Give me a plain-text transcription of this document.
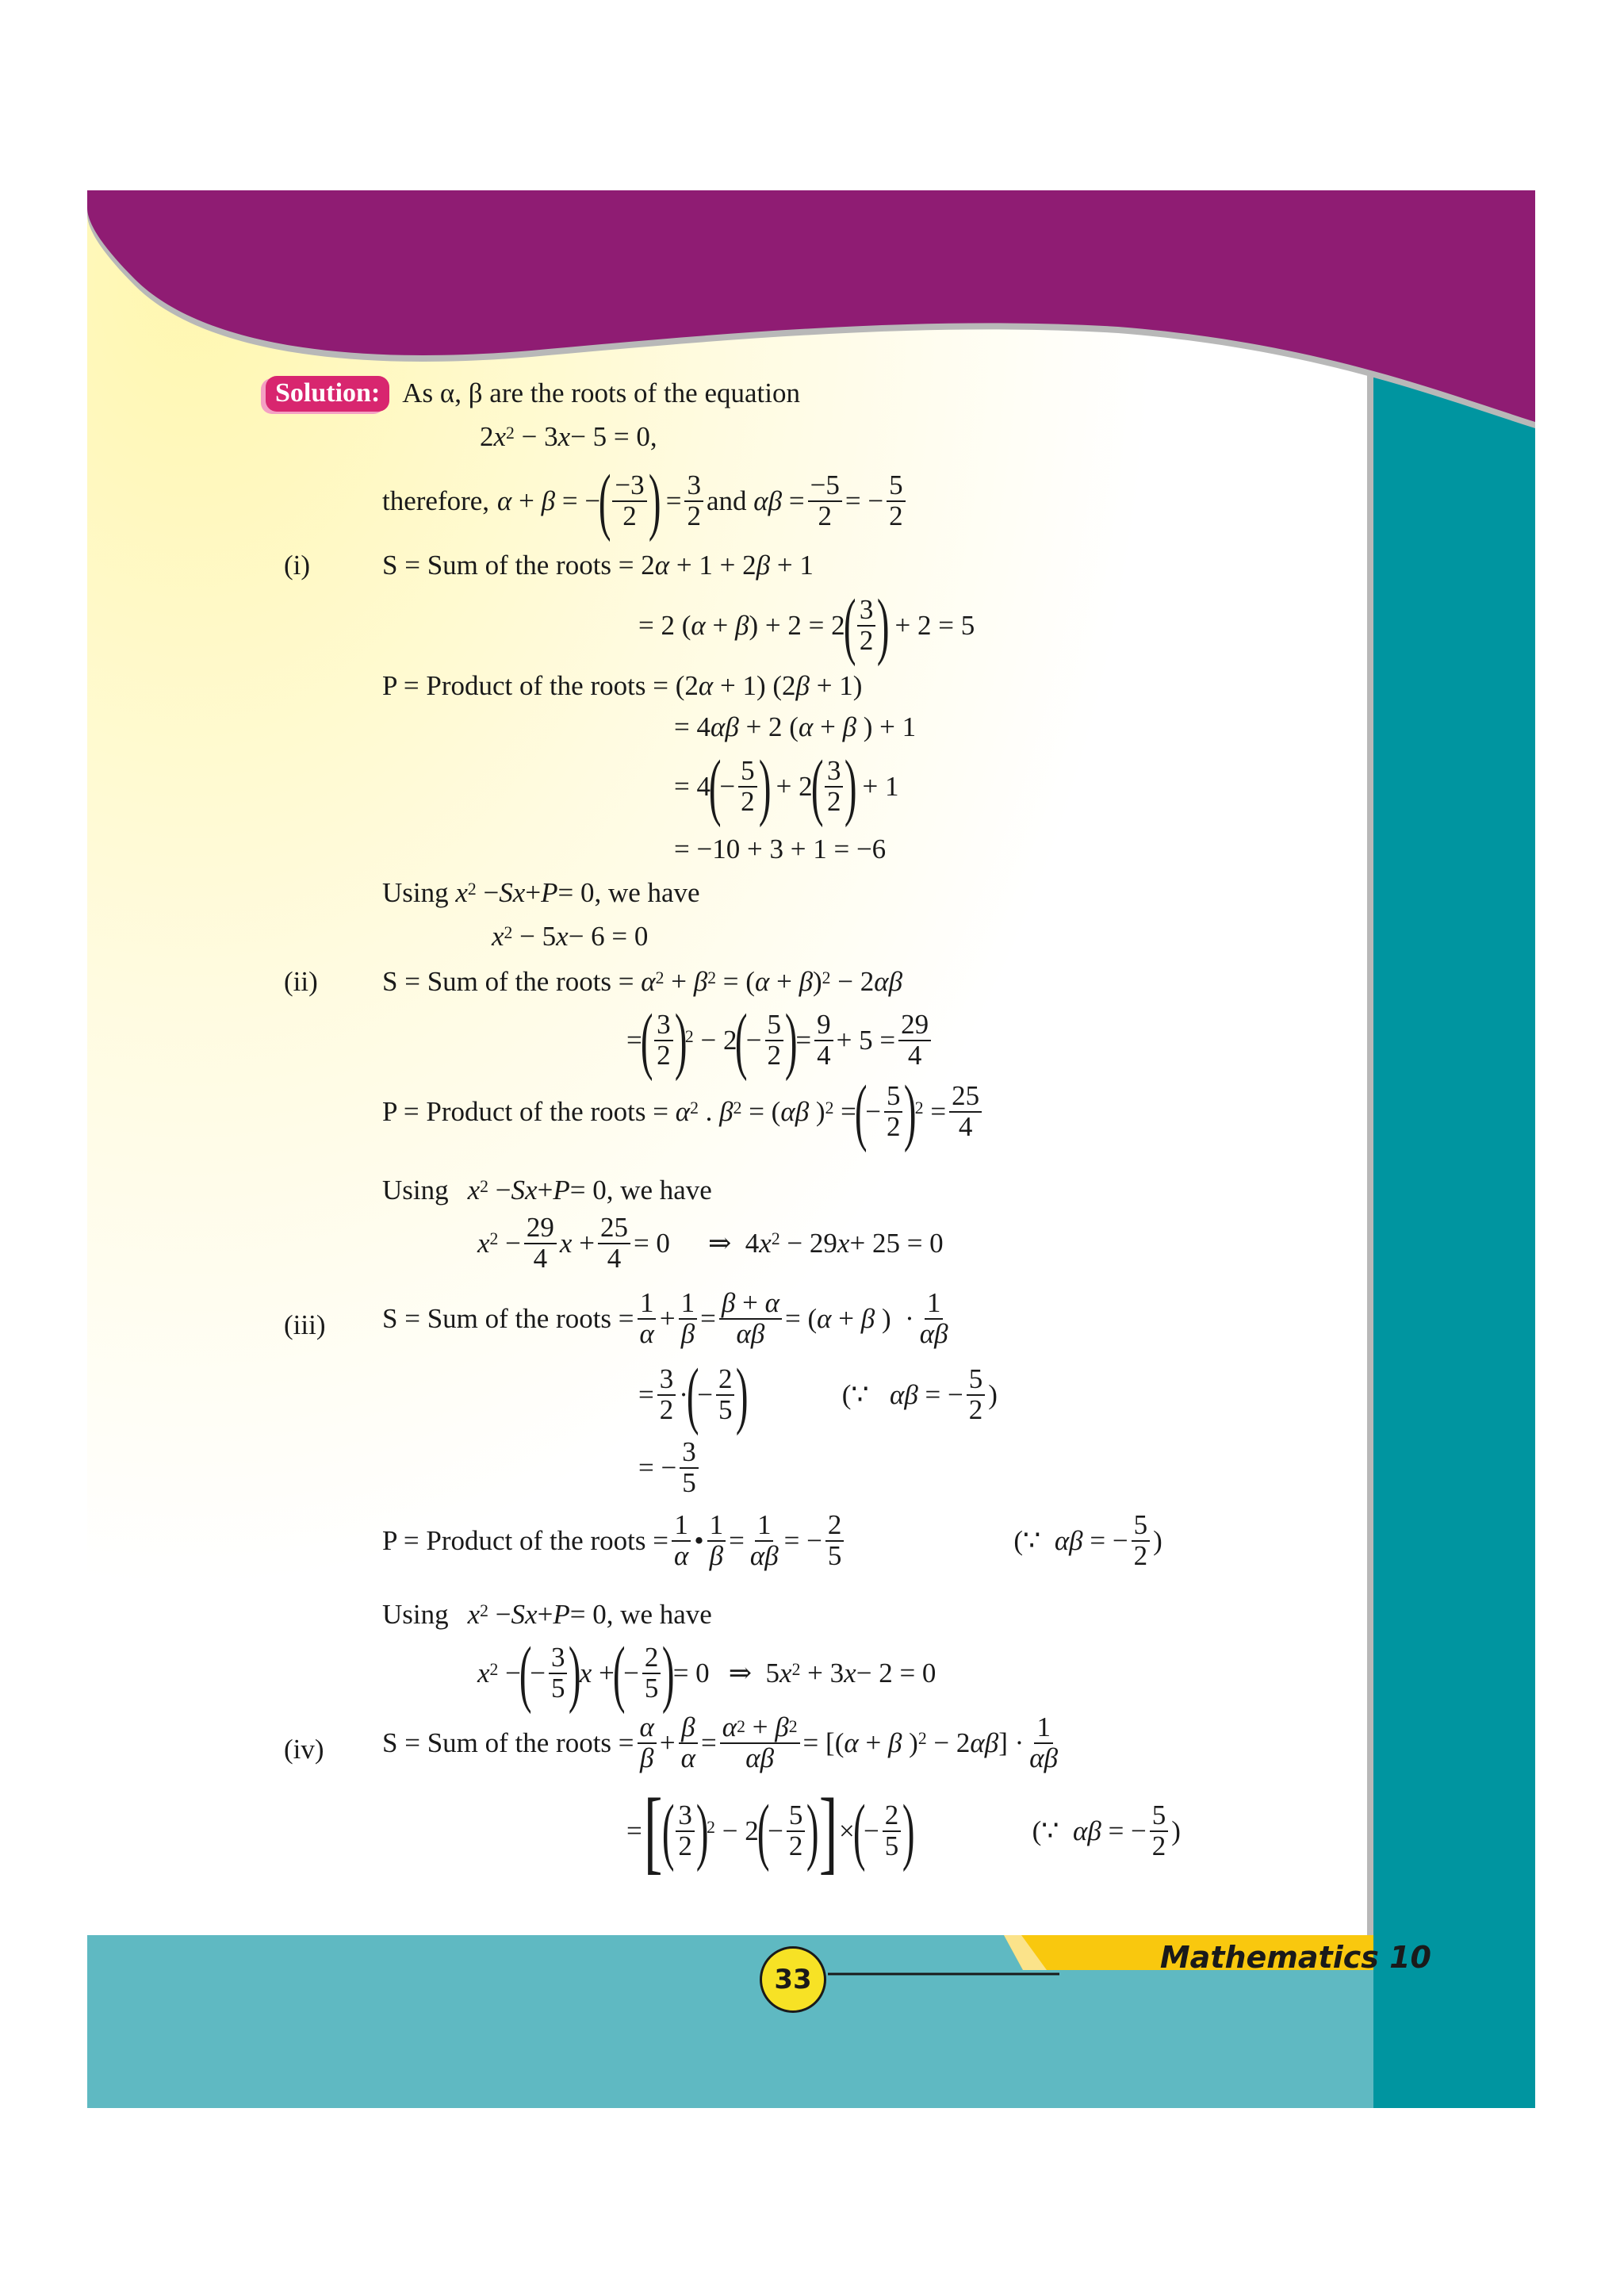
Mathematics 10
33
Solution: As α, β are the roots of the equation
2 $x^2 - 3$ x − 5 = 0,
therefore, α + β = −
( $\frac{-3}{2}$ )
= $\frac{3}{2}$ and
$\alpha\beta = \frac{-5}{2}$ = − $\frac{5}{2}$
(i)	S = Sum of the roots = 2 α + 1 + 2 β + 1
= 2 ( α + β ) + 2 = 2
( $\frac{3}{2}$ )
+ 2 = 5
P = Product of the roots = (2 α + 1) (2 β + 1)
= 4 αβ + 2 ( α + β ) + 1
= 4
(
− $\frac{5}{2}$ )
+ 2
( $\frac{3}{2}$ )
+ 1
= −10 + 3 + 1 = −6
Using
$x^2 - Sx + P = 0$ , we have
$x^2 - 5$ x − 6 = 0
(ii) S = Sum of the roots =
$\alpha^2 + \beta^2$ = ( α + β )$^2$ − 2 αβ
=
( $\frac{3}{2}$ )
$^2$ − 2
(
− $\frac{5}{2}$ )
= $\frac{9}{4} + 5 = \frac{29}{4}$
P = Product of the roots =
$\alpha^2$ . $\beta^2$ = ( αβ )$^2$ =
(
− $\frac{5}{2}$ )
$^2 = \frac{25}{4}$
Using $x^2 - Sx + P = 0$ , we have
$x^2 - \frac{29}{4}$ $x + \frac{25}{4} = 0$ ⇒  4 $x^2 - 29$ x + 25 = 0
(iii) S = Sum of the roots = $\frac{1}{\alpha} + \frac{1}{\beta} = \frac{\beta + \alpha}{\alpha\beta}$ = ( α + β )  · $\frac{1}{\alpha\beta}$
= $\frac{3}{2}$ ·
(
− $\frac{2}{5}$ )	(∵ αβ = − $\frac{5}{2}$ )
= − $\frac{3}{5}$
P = Product of the roots = $\frac{1}{\alpha}$ • $\frac{1}{\beta} = \frac{1}{\alpha\beta}$ = − $\frac{2}{5}$	(∵ αβ = − $\frac{5}{2}$ )
Using $x^2 - Sx + P = 0$ , we have
$x^2$ −
(
− $\frac{3}{5}$ )
x +
(
− $\frac{2}{5}$ )
= 0 ⇒  5 $x^2 + 3$ x − 2 = 0
(iv) S = Sum of the roots = $\frac{\alpha}{\beta} + \frac{\beta}{\alpha} = \frac{\alpha^2 + \beta^2}{\alpha\beta}$ = [( α + β )$^2$ − 2 αβ ] · $\frac{1}{\alpha\beta}$
= [ ( $\frac{3}{2}$ )
$^2$ − 2
(
− $\frac{5}{2}$ ) ] ×
(
− $\frac{2}{5}$ )	(∵ αβ = − $\frac{5}{2}$ )
